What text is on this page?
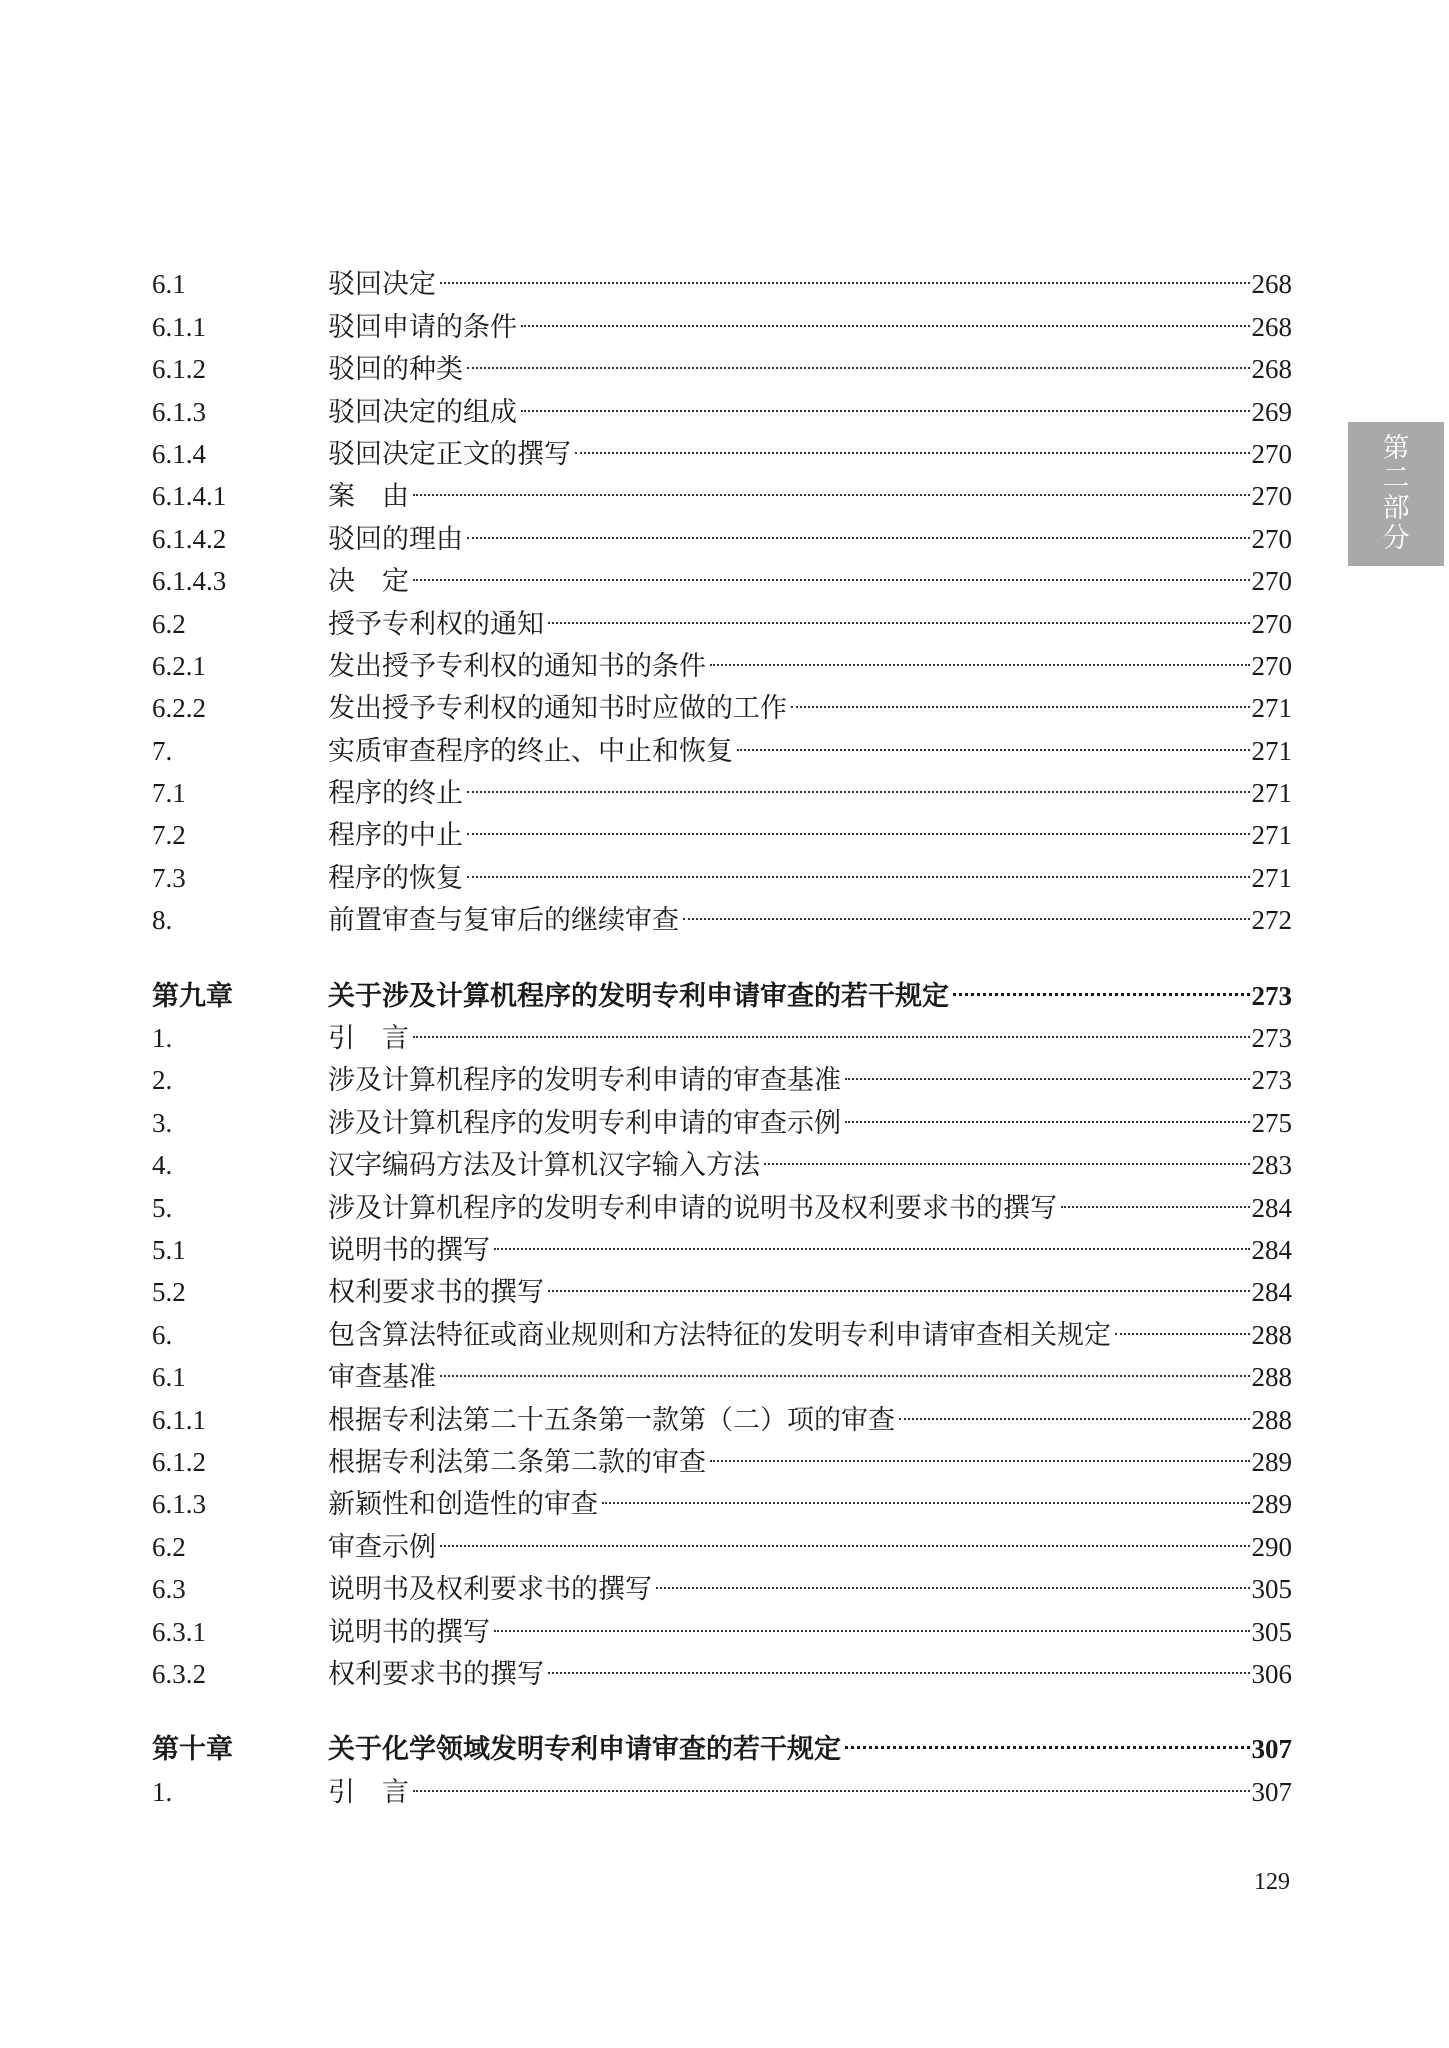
6.1	驳回决定	268
6.1.1	驳回申请的条件	268
6.1.2	驳回的种类	268
6.1.3	驳回决定的组成	269
6.1.4	驳回决定正文的撰写	270
6.1.4.1	案　由	270
6.1.4.2	驳回的理由	270
6.1.4.3	决　定	270
6.2	授予专利权的通知	270
6.2.1	发出授予专利权的通知书的条件	270
6.2.2	发出授予专利权的通知书时应做的工作	271
7.	实质审查程序的终止、中止和恢复	271
7.1	程序的终止	271
7.2	程序的中止	271
7.3	程序的恢复	271
8.	前置审查与复审后的继续审查	272
第九章	关于涉及计算机程序的发明专利申请审查的若干规定	273
1.	引　言	273
2.	涉及计算机程序的发明专利申请的审查基准	273
3.	涉及计算机程序的发明专利申请的审查示例	275
4.	汉字编码方法及计算机汉字输入方法	283
5.	涉及计算机程序的发明专利申请的说明书及权利要求书的撰写	284
5.1	说明书的撰写	284
5.2	权利要求书的撰写	284
6.	包含算法特征或商业规则和方法特征的发明专利申请审查相关规定	288
6.1	审查基准	288
6.1.1	根据专利法第二十五条第一款第（二）项的审查	288
6.1.2	根据专利法第二条第二款的审查	289
6.1.3	新颖性和创造性的审查	289
6.2	审查示例	290
6.3	说明书及权利要求书的撰写	305
6.3.1	说明书的撰写	305
6.3.2	权利要求书的撰写	306
第十章	关于化学领域发明专利申请审查的若干规定	307
1.	引　言	307
第
二
部
分
129
